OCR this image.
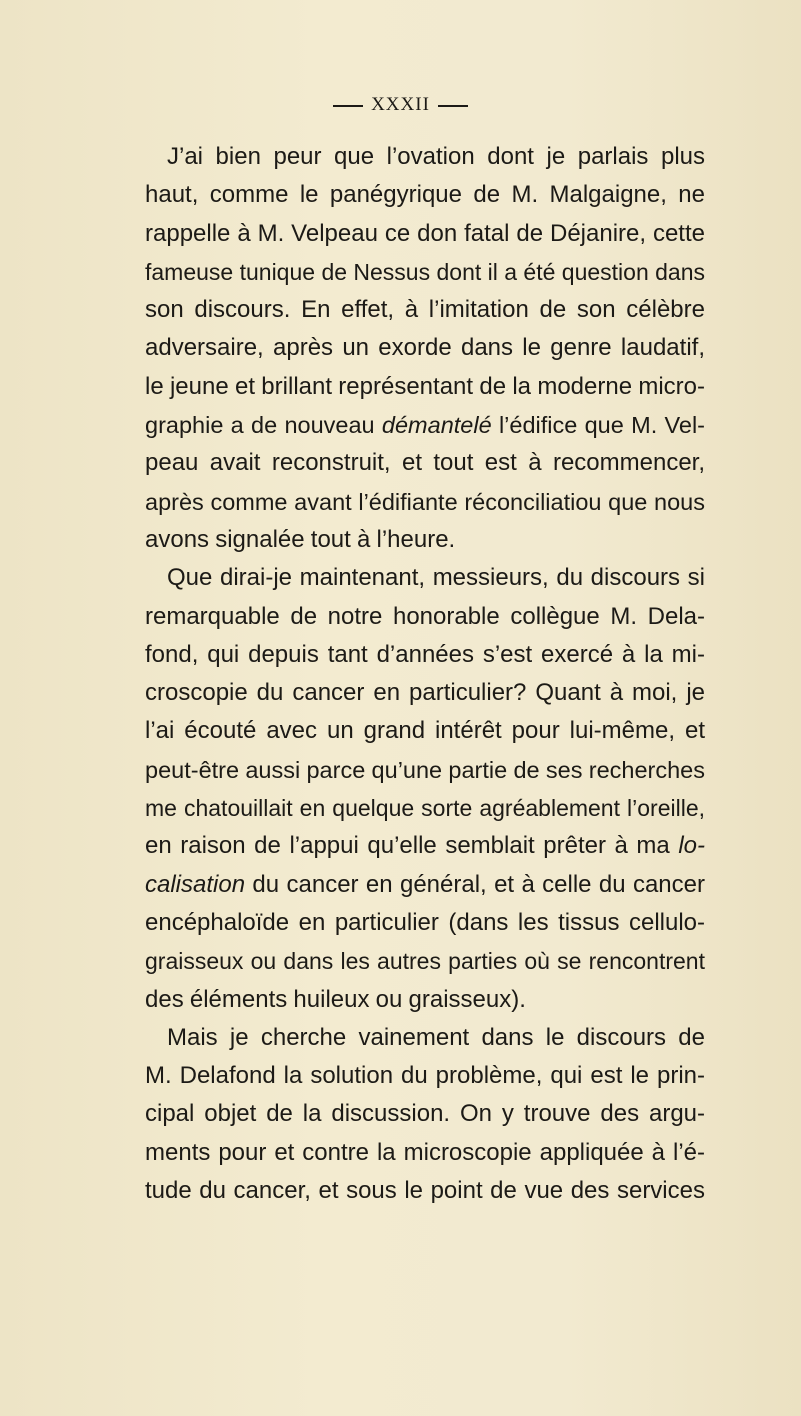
XXXII
J’ai bien peur que l’ovation dont je parlais plus
haut, comme le panégyrique de M. Malgaigne, ne
rappelle à M. Velpeau ce don fatal de Déjanire, cette
fameuse tunique de Nessus dont il a été question dans
son discours. En effet, à l’imitation de son célèbre
adversaire, après un exorde dans le genre laudatif,
le jeune et brillant représentant de la moderne micro-
graphie a de nouveau démantelé l’édifice que M. Vel-
peau avait reconstruit, et tout est à recommencer,
après comme avant l’édifiante réconciliatiou que nous
avons signalée tout à l’heure.
Que dirai-je maintenant, messieurs, du discours si
remarquable de notre honorable collègue M. Dela-
fond, qui depuis tant d’années s’est exercé à la mi-
croscopie du cancer en particulier? Quant à moi, je
l’ai écouté avec un grand intérêt pour lui-même, et
peut-être aussi parce qu’une partie de ses recherches
me chatouillait en quelque sorte agréablement l’oreille,
en raison de l’appui qu’elle semblait prêter à ma lo-
calisation du cancer en général, et à celle du cancer
encéphaloïde en particulier (dans les tissus cellulo-
graisseux ou dans les autres parties où se rencontrent
des éléments huileux ou graisseux).
Mais je cherche vainement dans le discours de
M. Delafond la solution du problème, qui est le prin-
cipal objet de la discussion. On y trouve des argu-
ments pour et contre la microscopie appliquée à l’é-
tude du cancer, et sous le point de vue des services
